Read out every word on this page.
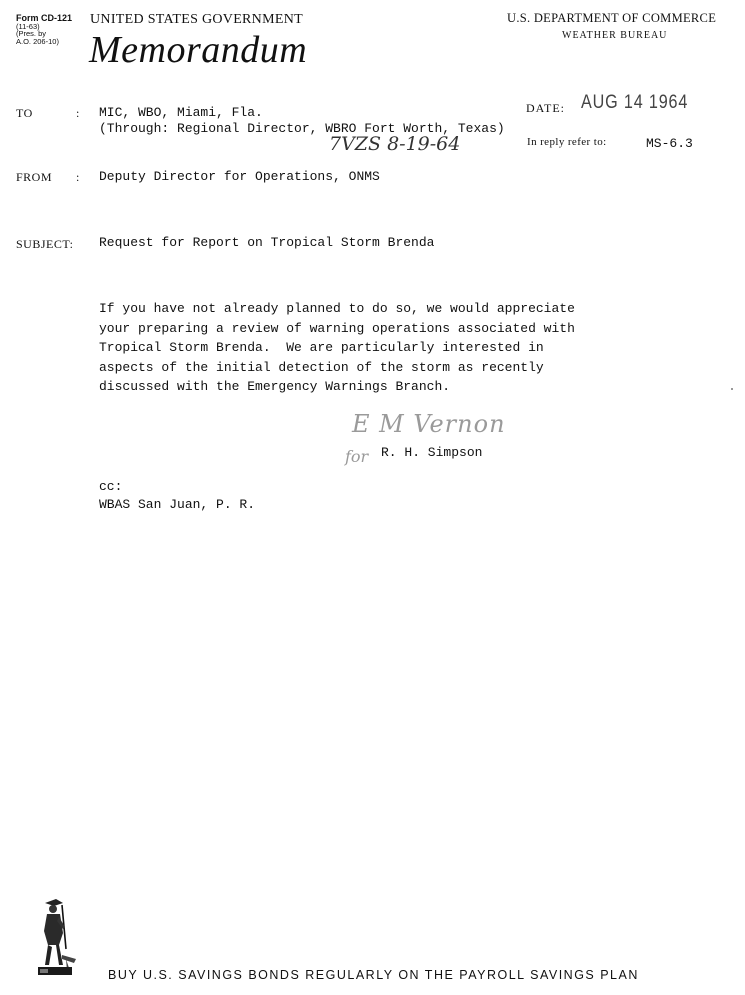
Form CD-121
(11-63)
(Pres. by
A.O. 206-10)
UNITED STATES GOVERNMENT
Memorandum
U.S. DEPARTMENT OF COMMERCE
WEATHER BUREAU
TO	: MIC, WBO, Miami, Fla.
(Through: Regional Director, WBRO Fort Worth, Texas)
7VZS 8-19-64
DATE: AUG 14 1964
In reply refer to:	MS-6.3
FROM : Deputy Director for Operations, ONMS
SUBJECT: Request for Report on Tropical Storm Brenda
If you have not already planned to do so, we would appreciate
your preparing a review of warning operations associated with
Tropical Storm Brenda.  We are particularly interested in
aspects of the initial detection of the storm as recently
discussed with the Emergency Warnings Branch.
E M Vernon
for R. H. Simpson
cc:
WBAS San Juan, P. R.
BUY U.S. SAVINGS BONDS REGULARLY ON THE PAYROLL SAVINGS PLAN
